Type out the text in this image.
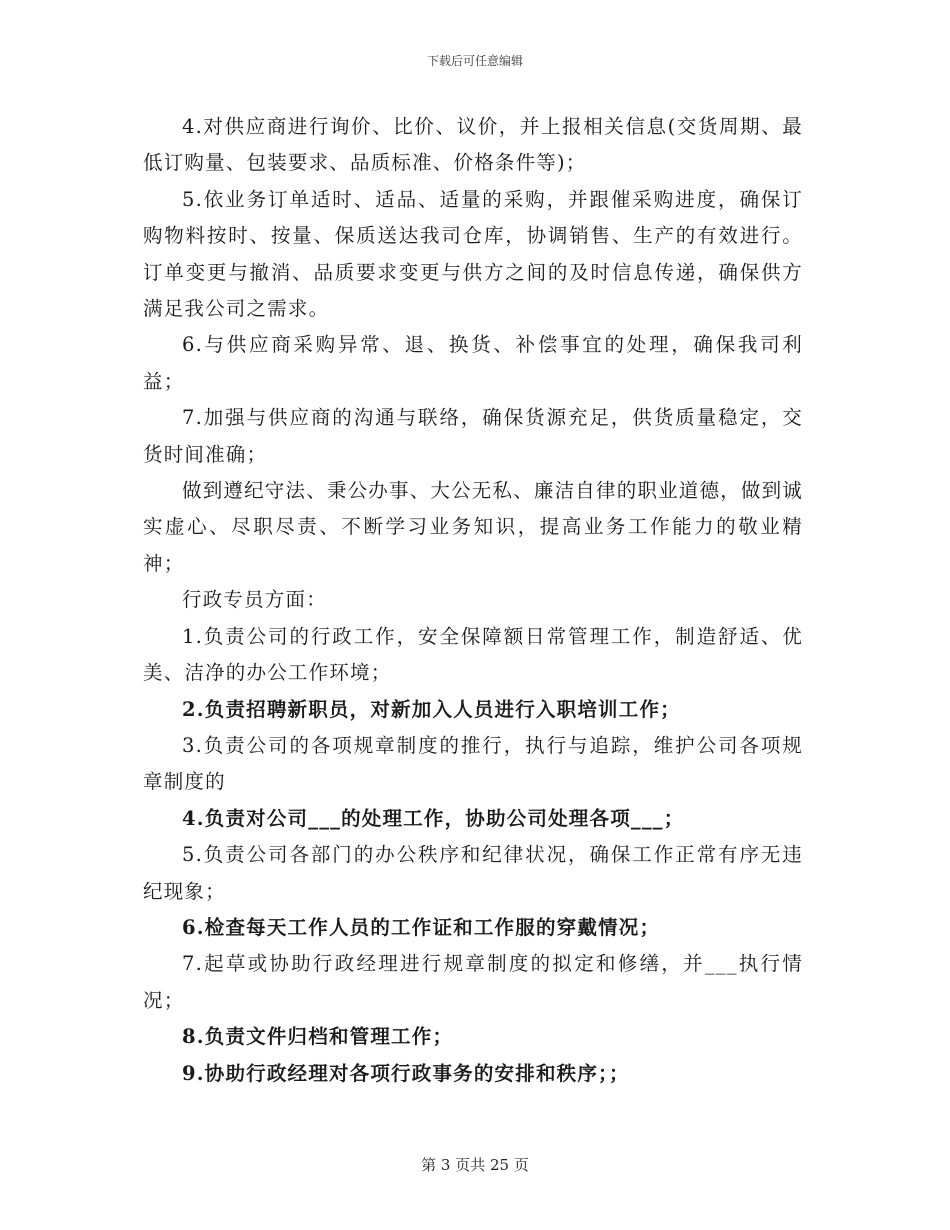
下载后可任意编辑

4.对供应商进行询价、比价、议价，并上报相关信息(交货周期、最低订购量、包装要求、品质标准、价格条件等)；

5.依业务订单适时、适品、适量的采购，并跟催采购进度，确保订购物料按时、按量、保质送达我司仓库，协调销售、生产的有效进行。订单变更与撤消、品质要求变更与供方之间的及时信息传递，确保供方满足我公司之需求。

6.与供应商采购异常、退、换货、补偿事宜的处理，确保我司利益；

7.加强与供应商的沟通与联络，确保货源充足，供货质量稳定，交货时间准确；

做到遵纪守法、秉公办事、大公无私、廉洁自律的职业道德，做到诚实虚心、尽职尽责、不断学习业务知识，提高业务工作能力的敬业精神；

行政专员方面：

1.负责公司的行政工作，安全保障额日常管理工作，制造舒适、优美、洁净的办公工作环境；

2.负责招聘新职员，对新加入人员进行入职培训工作；

3.负责公司的各项规章制度的推行，执行与追踪，维护公司各项规章制度的

4.负责对公司___的处理工作，协助公司处理各项___；

5.负责公司各部门的办公秩序和纪律状况，确保工作正常有序无违纪现象；

6.检查每天工作人员的工作证和工作服的穿戴情况；

7.起草或协助行政经理进行规章制度的拟定和修缮，并___执行情况；

8.负责文件归档和管理工作；

9.协助行政经理对各项行政事务的安排和秩序；；

第 3 页共 25 页
